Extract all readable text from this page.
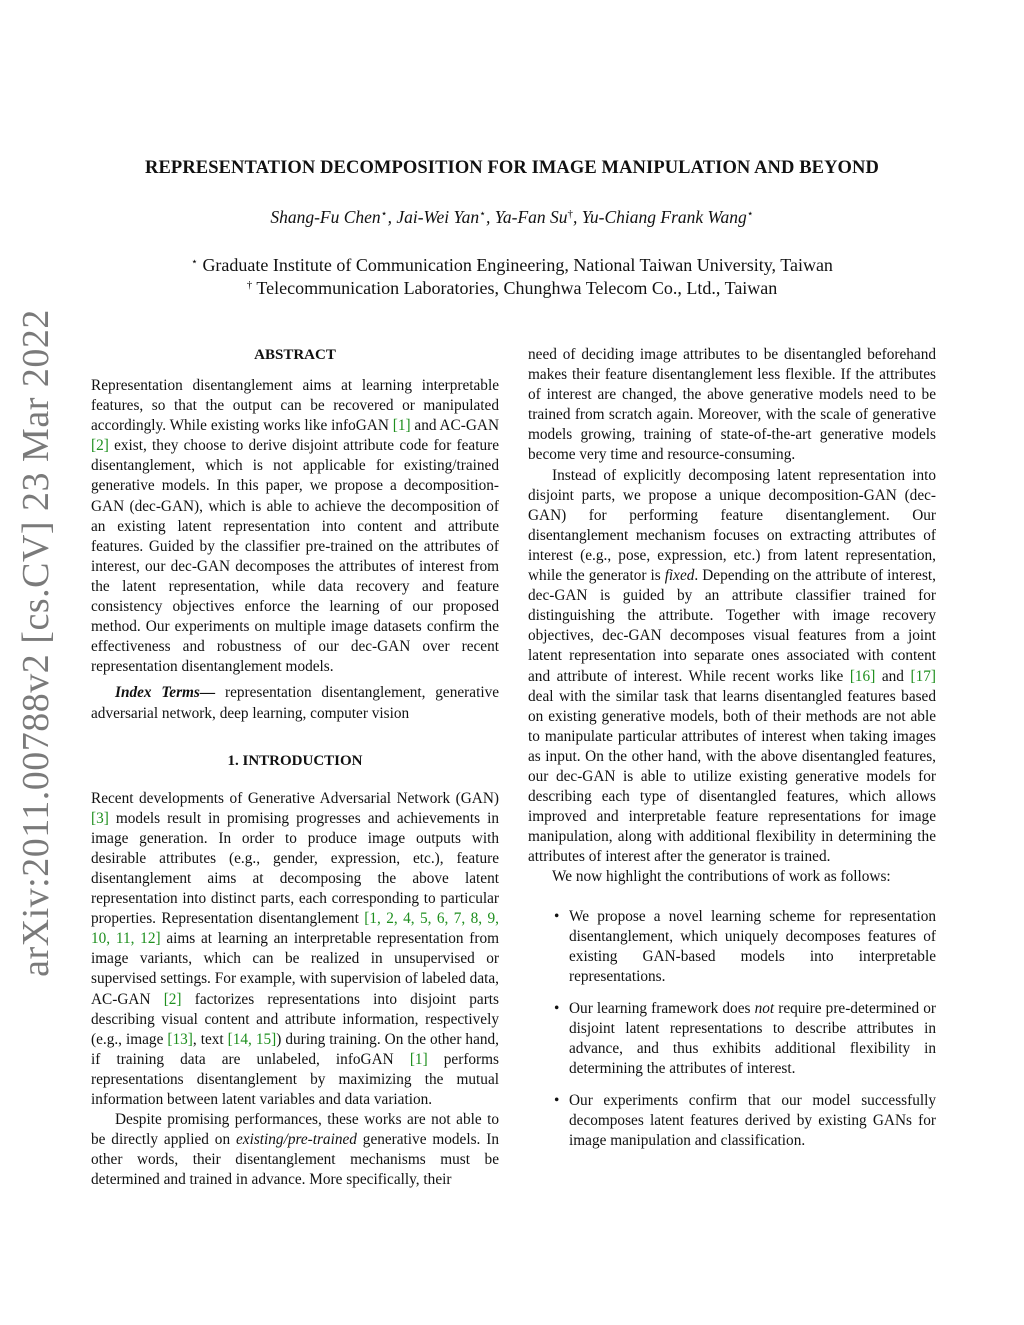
arXiv:2011.00788v2 [cs.CV] 23 Mar 2022
REPRESENTATION DECOMPOSITION FOR IMAGE MANIPULATION AND BEYOND
Shang-Fu Chen⋆, Jai-Wei Yan⋆, Ya-Fan Su†, Yu-Chiang Frank Wang⋆
⋆ Graduate Institute of Communication Engineering, National Taiwan University, Taiwan
† Telecommunication Laboratories, Chunghwa Telecom Co., Ltd., Taiwan
ABSTRACT

Representation disentanglement aims at learning interpretable features, so that the output can be recovered or manipulated accordingly. While existing works like infoGAN [1] and AC-GAN [2] exist, they choose to derive disjoint attribute code for feature disentanglement, which is not applicable for existing/trained generative models. In this paper, we propose a decomposition-GAN (dec-GAN), which is able to achieve the decomposition of an existing latent representation into content and attribute features. Guided by the classifier pre-trained on the attributes of interest, our dec-GAN decomposes the attributes of interest from the latent representation, while data recovery and feature consistency objectives enforce the learning of our proposed method. Our experiments on multiple image datasets confirm the effectiveness and robustness of our dec-GAN over recent representation disentanglement models.

Index Terms— representation disentanglement, generative adversarial network, deep learning, computer vision

1. INTRODUCTION

Recent developments of Generative Adversarial Network (GAN) [3] models result in promising progresses and achievements in image generation. In order to produce image outputs with desirable attributes (e.g., gender, expression, etc.), feature disentanglement aims at decomposing the above latent representation into distinct parts, each corresponding to particular properties. Representation disentanglement [1, 2, 4, 5, 6, 7, 8, 9, 10, 11, 12] aims at learning an interpretable representation from image variants, which can be realized in unsupervised or supervised settings. For example, with supervision of labeled data, AC-GAN [2] factorizes representations into disjoint parts describing visual content and attribute information, respectively (e.g., image [13], text [14, 15]) during training. On the other hand, if training data are unlabeled, infoGAN [1] performs representations disentanglement by maximizing the mutual information between latent variables and data variation.

Despite promising performances, these works are not able to be directly applied on existing/pre-trained generative models. In other words, their disentanglement mechanisms must be determined and trained in advance. More specifically, their

need of deciding image attributes to be disentangled beforehand makes their feature disentanglement less flexible. If the attributes of interest are changed, the above generative models need to be trained from scratch again. Moreover, with the scale of generative models growing, training of state-of-the-art generative models become very time and resource-consuming.

Instead of explicitly decomposing latent representation into disjoint parts, we propose a unique decomposition-GAN (dec-GAN) for performing feature disentanglement. Our disentanglement mechanism focuses on extracting attributes of interest (e.g., pose, expression, etc.) from latent representation, while the generator is fixed. Depending on the attribute of interest, dec-GAN is guided by an attribute classifier trained for distinguishing the attribute. Together with image recovery objectives, dec-GAN decomposes visual features from a joint latent representation into separate ones associated with content and attribute of interest. While recent works like [16] and [17] deal with the similar task that learns disentangled features based on existing generative models, both of their methods are not able to manipulate particular attributes of interest when taking images as input. On the other hand, with the above disentangled features, our dec-GAN is able to utilize existing generative models for describing each type of disentangled features, which allows improved and interpretable feature representations for image manipulation, along with additional flexibility in determining the attributes of interest after the generator is trained.

We now highlight the contributions of work as follows:

• We propose a novel learning scheme for representation disentanglement, which uniquely decomposes features of existing GAN-based models into interpretable representations.
• Our learning framework does not require pre-determined or disjoint latent representations to describe attributes in advance, and thus exhibits additional flexibility in determining the attributes of interest.
• Our experiments confirm that our model successfully decomposes latent features derived by existing GANs for image manipulation and classification.
